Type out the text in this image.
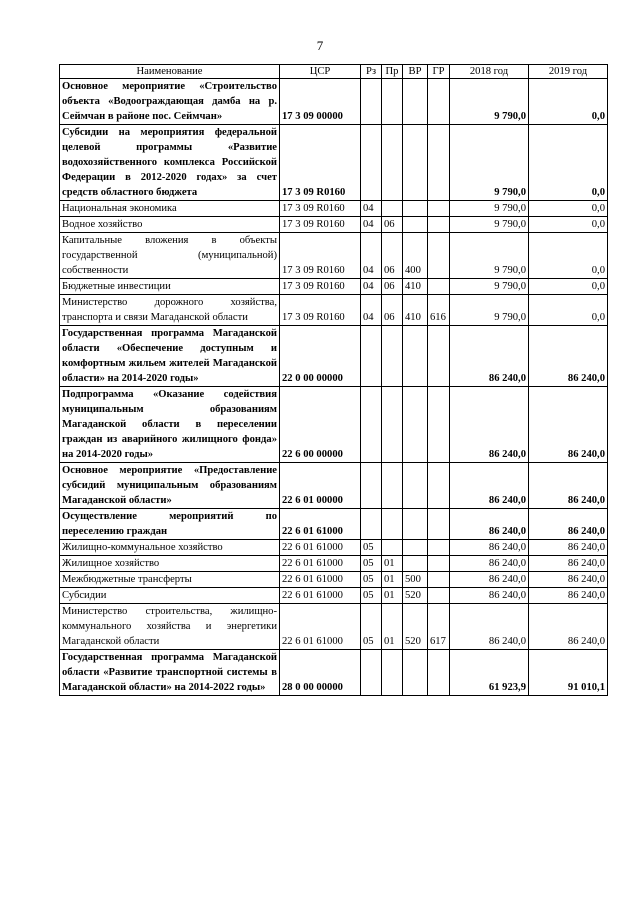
7
Наименование	ЦСР	Рз	Пр	ВР	ГР	2018 год	2019 год
Основное мероприятие «Строительство объекта «Водоограждающая дамба на р. Сеймчан в районе пос. Сеймчан»	17 3 09 00000					9 790,0	0,0
Субсидии на мероприятия федеральной целевой программы «Развитие водохозяйственного комплекса Российской Федерации в 2012-2020 годах» за счет средств областного бюджета	17 3 09 R0160					9 790,0	0,0
Национальная экономика	17 3 09 R0160	04				9 790,0	0,0
Водное хозяйство	17 3 09 R0160	04	06			9 790,0	0,0
Капитальные вложения в объекты государственной (муниципальной) собственности	17 3 09 R0160	04	06	400		9 790,0	0,0
Бюджетные инвестиции	17 3 09 R0160	04	06	410		9 790,0	0,0
Министерство дорожного хозяйства, транспорта и связи Магаданской области	17 3 09 R0160	04	06	410	616	9 790,0	0,0
Государственная программа Магаданской области «Обеспечение доступным и комфортным жильем жителей Магаданской области» на 2014-2020 годы»	22 0 00 00000					86 240,0	86 240,0
Подпрограмма «Оказание содействия муниципальным образованиям Магаданской области в переселении граждан из аварийного жилищного фонда» на 2014-2020 годы»	22 6 00 00000					86 240,0	86 240,0
Основное мероприятие «Предоставление субсидий муниципальным образованиям Магаданской области»	22 6 01 00000					86 240,0	86 240,0
Осуществление мероприятий по переселению граждан	22 6 01 61000					86 240,0	86 240,0
Жилищно-коммунальное хозяйство	22 6 01 61000	05				86 240,0	86 240,0
Жилищное хозяйство	22 6 01 61000	05	01			86 240,0	86 240,0
Межбюджетные трансферты	22 6 01 61000	05	01	500		86 240,0	86 240,0
Субсидии	22 6 01 61000	05	01	520		86 240,0	86 240,0
Министерство строительства, жилищно-коммунального хозяйства и энергетики Магаданской области	22 6 01 61000	05	01	520	617	86 240,0	86 240,0
Государственная программа Магаданской области «Развитие транспортной системы в Магаданской области» на 2014-2022 годы»	28 0 00 00000					61 923,9	91 010,1
